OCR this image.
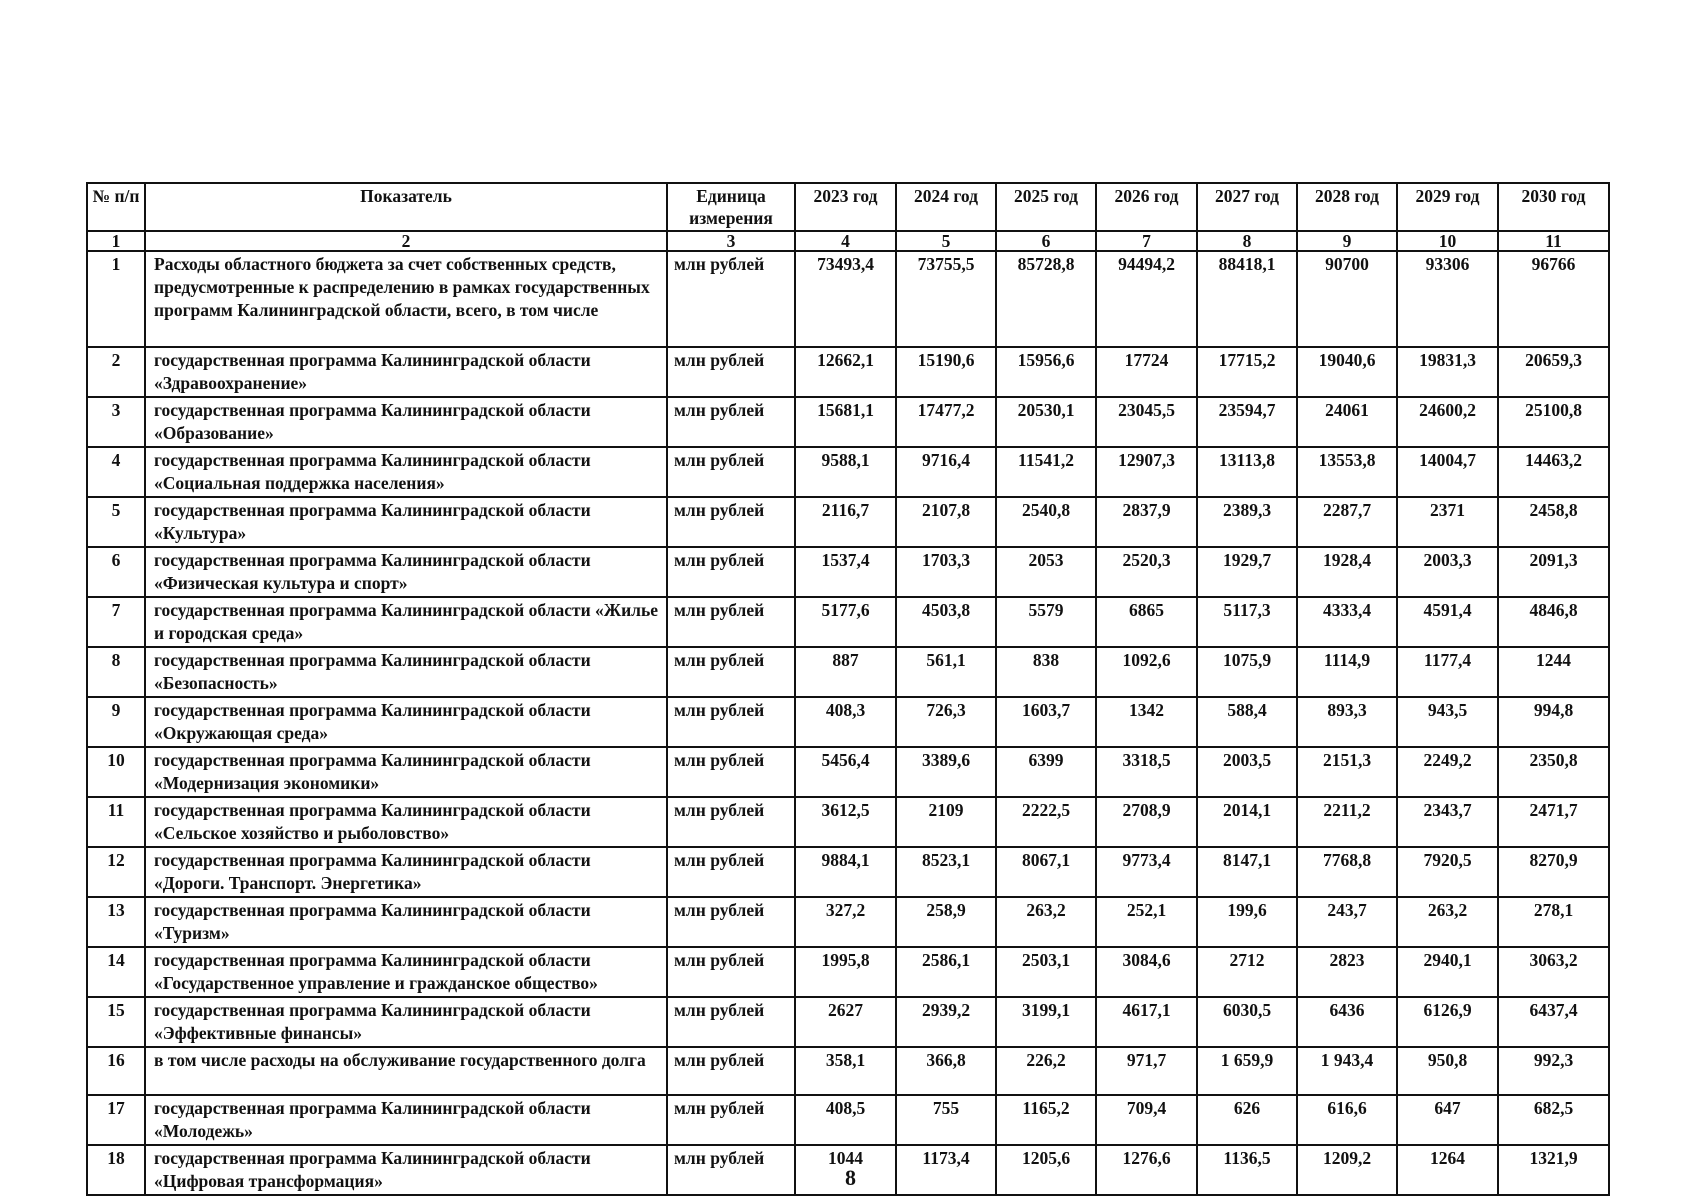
№ п/п	Показатель	Единица измерения	2023 год	2024 год	2025 год	2026 год	2027 год	2028 год	2029 год	2030 год
1	2	3	4	5	6	7	8	9	10	11
1	Расходы областного бюджета за счет собственных средств, предусмотренные к распределению в рамках государственных программ Калининградской области, всего, в том числе	млн рублей	73493,4	73755,5	85728,8	94494,2	88418,1	90700	93306	96766
2	государственная программа Калининградской области «Здравоохранение»	млн рублей	12662,1	15190,6	15956,6	17724	17715,2	19040,6	19831,3	20659,3
3	государственная программа Калининградской области «Образование»	млн рублей	15681,1	17477,2	20530,1	23045,5	23594,7	24061	24600,2	25100,8
4	государственная программа Калининградской области «Социальная поддержка населения»	млн рублей	9588,1	9716,4	11541,2	12907,3	13113,8	13553,8	14004,7	14463,2
5	государственная программа Калининградской области «Культура»	млн рублей	2116,7	2107,8	2540,8	2837,9	2389,3	2287,7	2371	2458,8
6	государственная программа Калининградской области «Физическая культура и спорт»	млн рублей	1537,4	1703,3	2053	2520,3	1929,7	1928,4	2003,3	2091,3
7	государственная программа Калининградской области «Жилье и городская среда»	млн рублей	5177,6	4503,8	5579	6865	5117,3	4333,4	4591,4	4846,8
8	государственная программа Калининградской области «Безопасность»	млн рублей	887	561,1	838	1092,6	1075,9	1114,9	1177,4	1244
9	государственная программа Калининградской области «Окружающая среда»	млн рублей	408,3	726,3	1603,7	1342	588,4	893,3	943,5	994,8
10	государственная программа Калининградской области «Модернизация экономики»	млн рублей	5456,4	3389,6	6399	3318,5	2003,5	2151,3	2249,2	2350,8
11	государственная программа Калининградской области «Сельское хозяйство и рыболовство»	млн рублей	3612,5	2109	2222,5	2708,9	2014,1	2211,2	2343,7	2471,7
12	государственная программа Калининградской области «Дороги. Транспорт. Энергетика»	млн рублей	9884,1	8523,1	8067,1	9773,4	8147,1	7768,8	7920,5	8270,9
13	государственная программа Калининградской области «Туризм»	млн рублей	327,2	258,9	263,2	252,1	199,6	243,7	263,2	278,1
14	государственная программа Калининградской области «Государственное управление и гражданское общество»	млн рублей	1995,8	2586,1	2503,1	3084,6	2712	2823	2940,1	3063,2
15	государственная программа Калининградской области «Эффективные финансы»	млн рублей	2627	2939,2	3199,1	4617,1	6030,5	6436	6126,9	6437,4
16	в том числе расходы на обслуживание государственного долга	млн рублей	358,1	366,8	226,2	971,7	1 659,9	1 943,4	950,8	992,3
17	государственная программа Калининградской области «Молодежь»	млн рублей	408,5	755	1165,2	709,4	626	616,6	647	682,5
18	государственная программа Калининградской области «Цифровая трансформация»	млн рублей	1044	1173,4	1205,6	1276,6	1136,5	1209,2	1264	1321,9
8
